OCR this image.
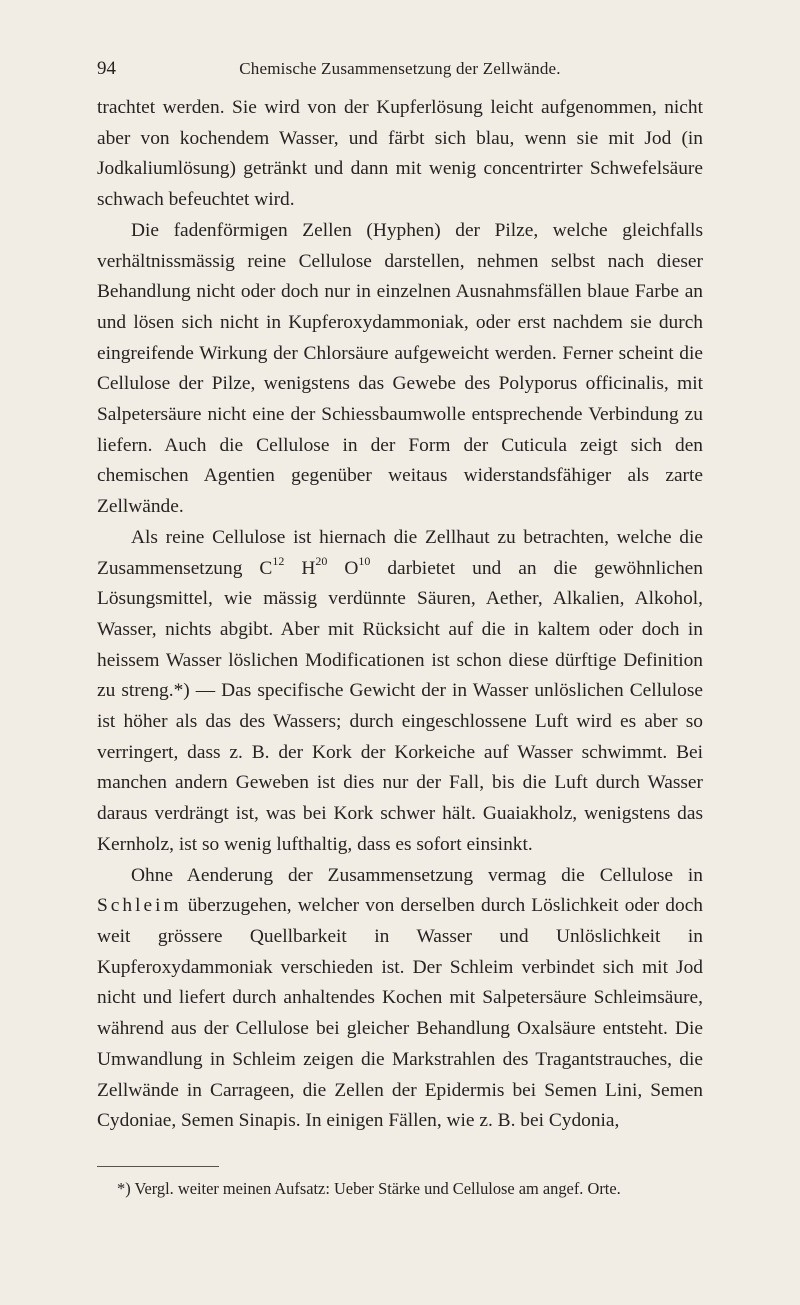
94	Chemische Zusammensetzung der Zellwände.

trachtet werden. Sie wird von der Kupferlösung leicht aufgenommen, nicht aber von kochendem Wasser, und färbt sich blau, wenn sie mit Jod (in Jodkaliumlösung) getränkt und dann mit wenig concentrirter Schwefelsäure schwach befeuchtet wird.

Die fadenförmigen Zellen (Hyphen) der Pilze, welche gleichfalls verhältnissmässig reine Cellulose darstellen, nehmen selbst nach dieser Behandlung nicht oder doch nur in einzelnen Ausnahmsfällen blaue Farbe an und lösen sich nicht in Kupferoxydammoniak, oder erst nachdem sie durch eingreifende Wirkung der Chlorsäure aufgeweicht werden. Ferner scheint die Cellulose der Pilze, wenigstens das Gewebe des Polyporus officinalis, mit Salpetersäure nicht eine der Schiessbaumwolle entsprechende Verbindung zu liefern. Auch die Cellulose in der Form der Cuticula zeigt sich den chemischen Agentien gegenüber weitaus widerstandsfähiger als zarte Zellwände.

Als reine Cellulose ist hiernach die Zellhaut zu betrachten, welche die Zusammensetzung $C^{12}$ $H^{20}$ $O^{10}$ darbietet und an die gewöhnlichen Lösungsmittel, wie mässig verdünnte Säuren, Aether, Alkalien, Alkohol, Wasser, nichts abgibt. Aber mit Rücksicht auf die in kaltem oder doch in heissem Wasser löslichen Modificationen ist schon diese dürftige Definition zu streng.*) — Das specifische Gewicht der in Wasser unlöslichen Cellulose ist höher als das des Wassers; durch eingeschlossene Luft wird es aber so verringert, dass z. B. der Kork der Korkeiche auf Wasser schwimmt. Bei manchen andern Geweben ist dies nur der Fall, bis die Luft durch Wasser daraus verdrängt ist, was bei Kork schwer hält. Guaiakholz, wenigstens das Kernholz, ist so wenig lufthaltig, dass es sofort einsinkt.

Ohne Aenderung der Zusammensetzung vermag die Cellulose in Schleim überzugehen, welcher von derselben durch Löslichkeit oder doch weit grössere Quellbarkeit in Wasser und Unlöslichkeit in Kupferoxydammoniak verschieden ist. Der Schleim verbindet sich mit Jod nicht und liefert durch anhaltendes Kochen mit Salpetersäure Schleimsäure, während aus der Cellulose bei gleicher Behandlung Oxalsäure entsteht. Die Umwandlung in Schleim zeigen die Markstrahlen des Tragantstrauches, die Zellwände in Carrageen, die Zellen der Epidermis bei Semen Lini, Semen Cydoniae, Semen Sinapis. In einigen Fällen, wie z. B. bei Cydonia,

*) Vergl. weiter meinen Aufsatz: Ueber Stärke und Cellulose am angef. Orte.
